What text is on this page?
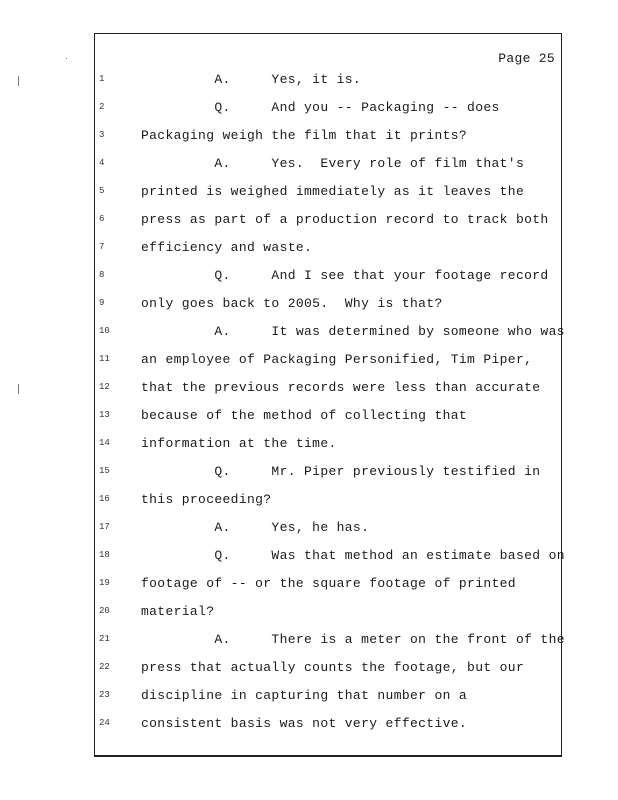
Page 25
1	A.     Yes, it is.
2	Q.     And you -- Packaging -- does
3	Packaging weigh the film that it prints?
4	A.     Yes.  Every role of film that's
5	printed is weighed immediately as it leaves the
6	press as part of a production record to track both
7	efficiency and waste.
8	Q.     And I see that your footage record
9	only goes back to 2005.  Why is that?
10	A.     It was determined by someone who was
11	an employee of Packaging Personified, Tim Piper,
12	that the previous records were less than accurate
13	because of the method of collecting that
14	information at the time.
15	Q.     Mr. Piper previously testified in
16	this proceeding?
17	A.     Yes, he has.
18	Q.     Was that method an estimate based on
19	footage of -- or the square footage of printed
20	material?
21	A.     There is a meter on the front of the
22	press that actually counts the footage, but our
23	discipline in capturing that number on a
24	consistent basis was not very effective.
